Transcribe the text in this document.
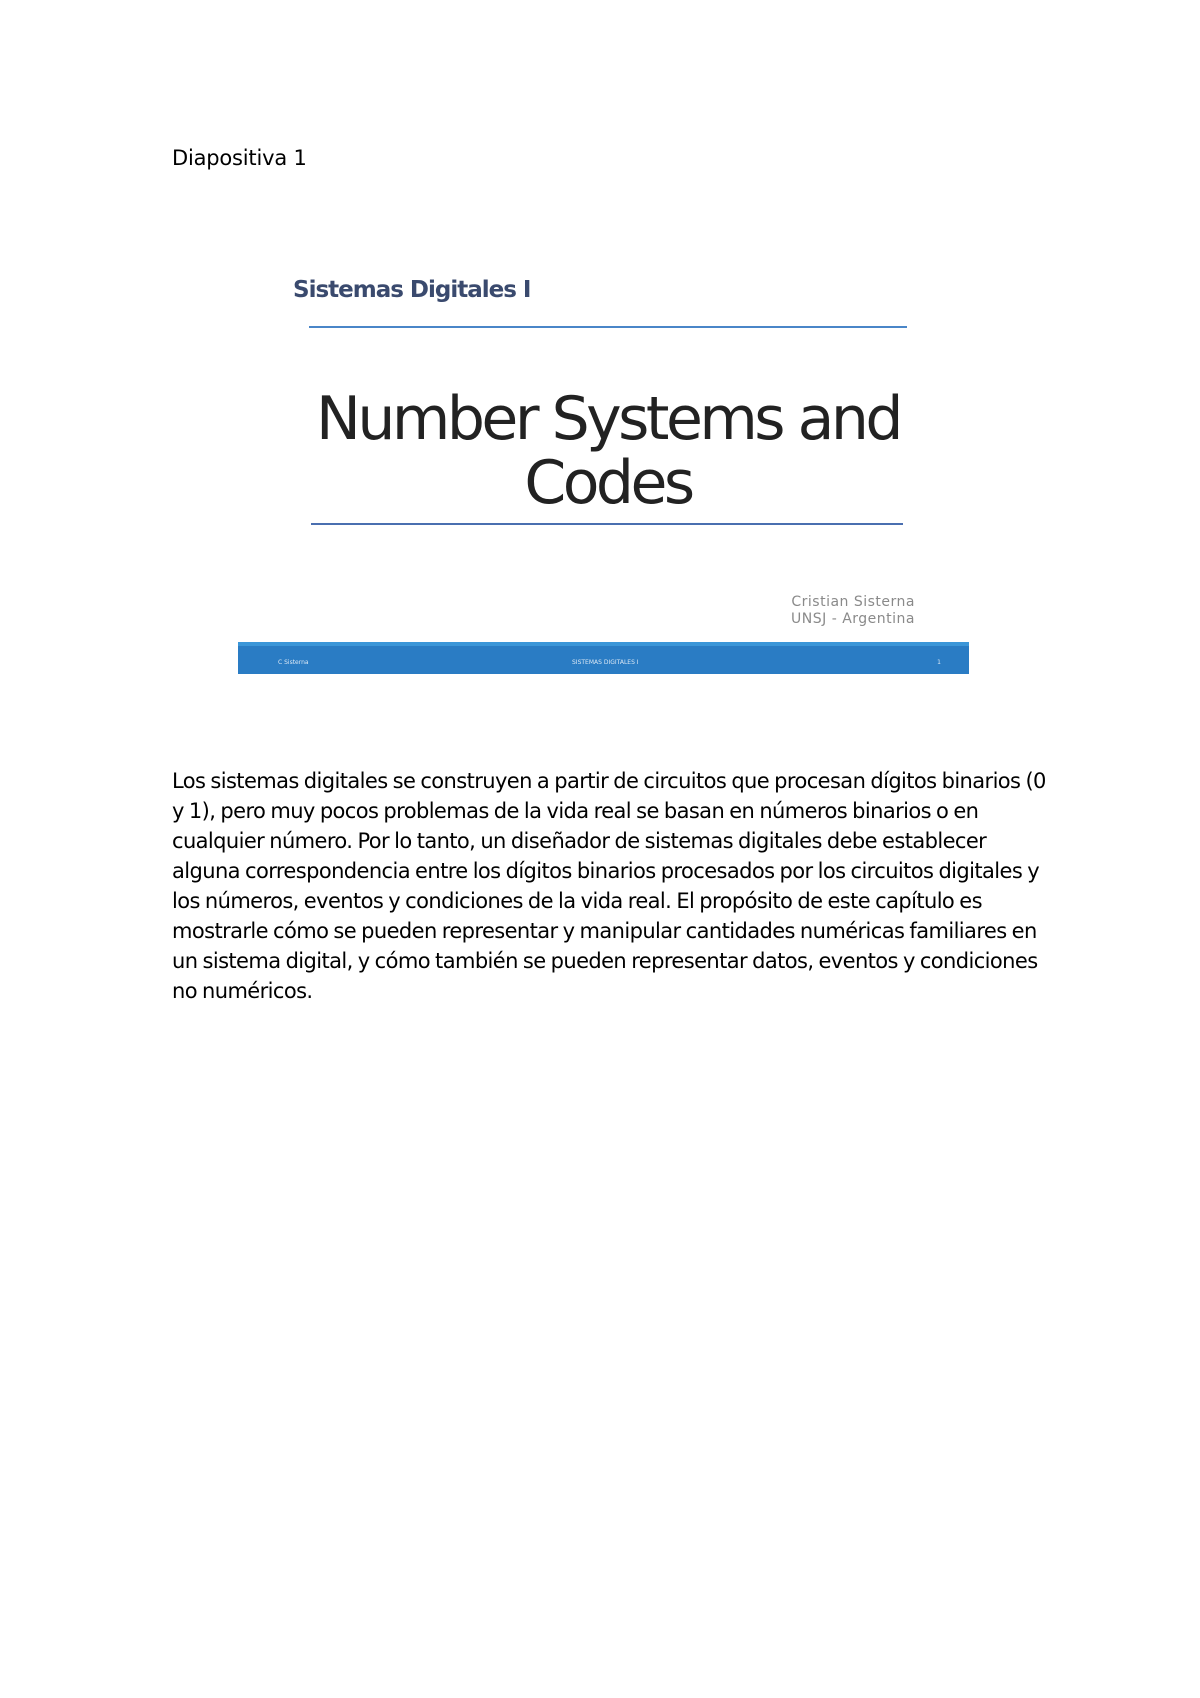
Diapositiva 1
Sistemas Digitales I
Number Systems and Codes
Cristian Sisterna
UNSJ - Argentina
C Sisterna	SISTEMAS DIGITALES I	1
Los sistemas digitales se construyen a partir de circuitos que procesan dígitos binarios (0 y 1), pero muy pocos problemas de la vida real se basan en números binarios o en cualquier número. Por lo tanto, un diseñador de sistemas digitales debe establecer alguna correspondencia entre los dígitos binarios procesados por los circuitos digitales y los números, eventos y condiciones de la vida real. El propósito de este capítulo es mostrarle cómo se pueden representar y manipular cantidades numéricas familiares en un sistema digital, y cómo también se pueden representar datos, eventos y condiciones no numéricos.
